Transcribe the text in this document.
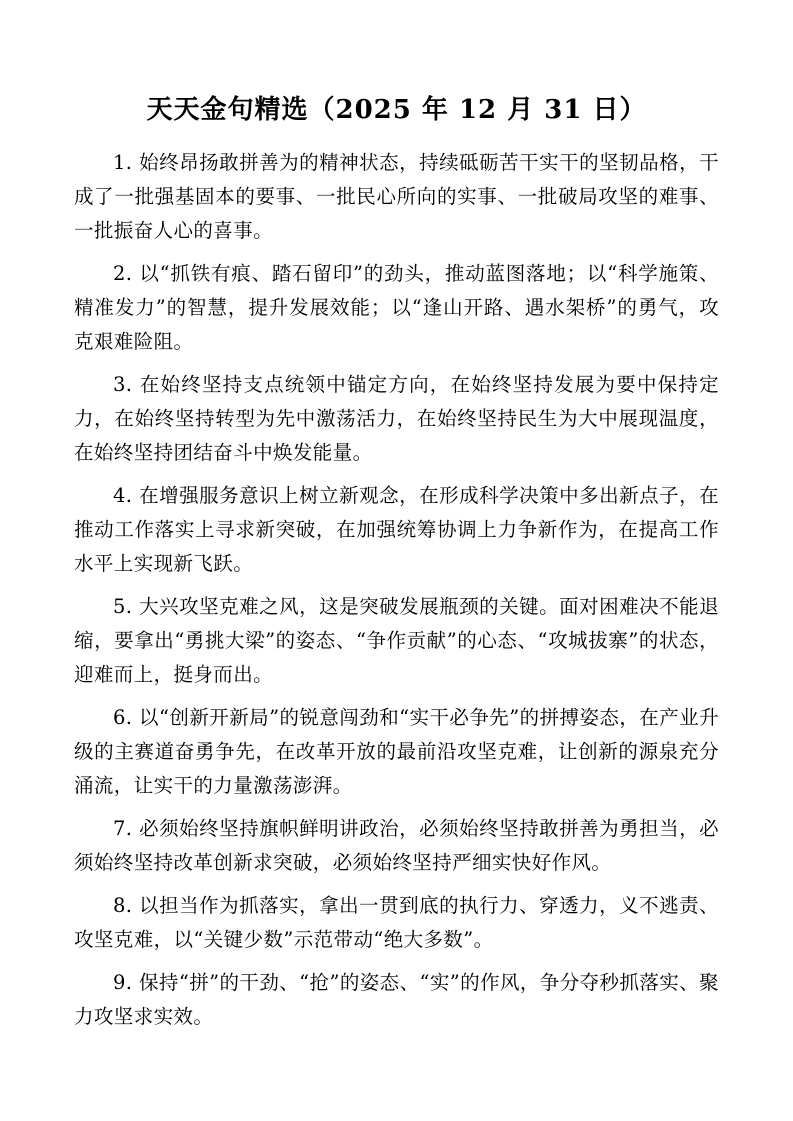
天天金句精选（2025 年 12 月 31 日）

1. 始终昂扬敢拼善为的精神状态，持续砥砺苦干实干的坚韧品格，干成了一批强基固本的要事、一批民心所向的实事、一批破局攻坚的难事、一批振奋人心的喜事。

2. 以“抓铁有痕、踏石留印”的劲头，推动蓝图落地；以“科学施策、精准发力”的智慧，提升发展效能；以“逢山开路、遇水架桥”的勇气，攻克艰难险阻。

3. 在始终坚持支点统领中锚定方向，在始终坚持发展为要中保持定力，在始终坚持转型为先中激荡活力，在始终坚持民生为大中展现温度，在始终坚持团结奋斗中焕发能量。

4. 在增强服务意识上树立新观念，在形成科学决策中多出新点子，在推动工作落实上寻求新突破，在加强统筹协调上力争新作为，在提高工作水平上实现新飞跃。

5. 大兴攻坚克难之风，这是突破发展瓶颈的关键。面对困难决不能退缩，要拿出“勇挑大梁”的姿态、“争作贡献”的心态、“攻城拔寨”的状态，迎难而上，挺身而出。

6. 以“创新开新局”的锐意闯劲和“实干必争先”的拼搏姿态，在产业升级的主赛道奋勇争先，在改革开放的最前沿攻坚克难，让创新的源泉充分涌流，让实干的力量激荡澎湃。

7. 必须始终坚持旗帜鲜明讲政治，必须始终坚持敢拼善为勇担当，必须始终坚持改革创新求突破，必须始终坚持严细实快好作风。

8. 以担当作为抓落实，拿出一贯到底的执行力、穿透力，义不逃责、攻坚克难，以“关键少数”示范带动“绝大多数”。

9. 保持“拼”的干劲、“抢”的姿态、“实”的作风，争分夺秒抓落实、聚力攻坚求实效。
